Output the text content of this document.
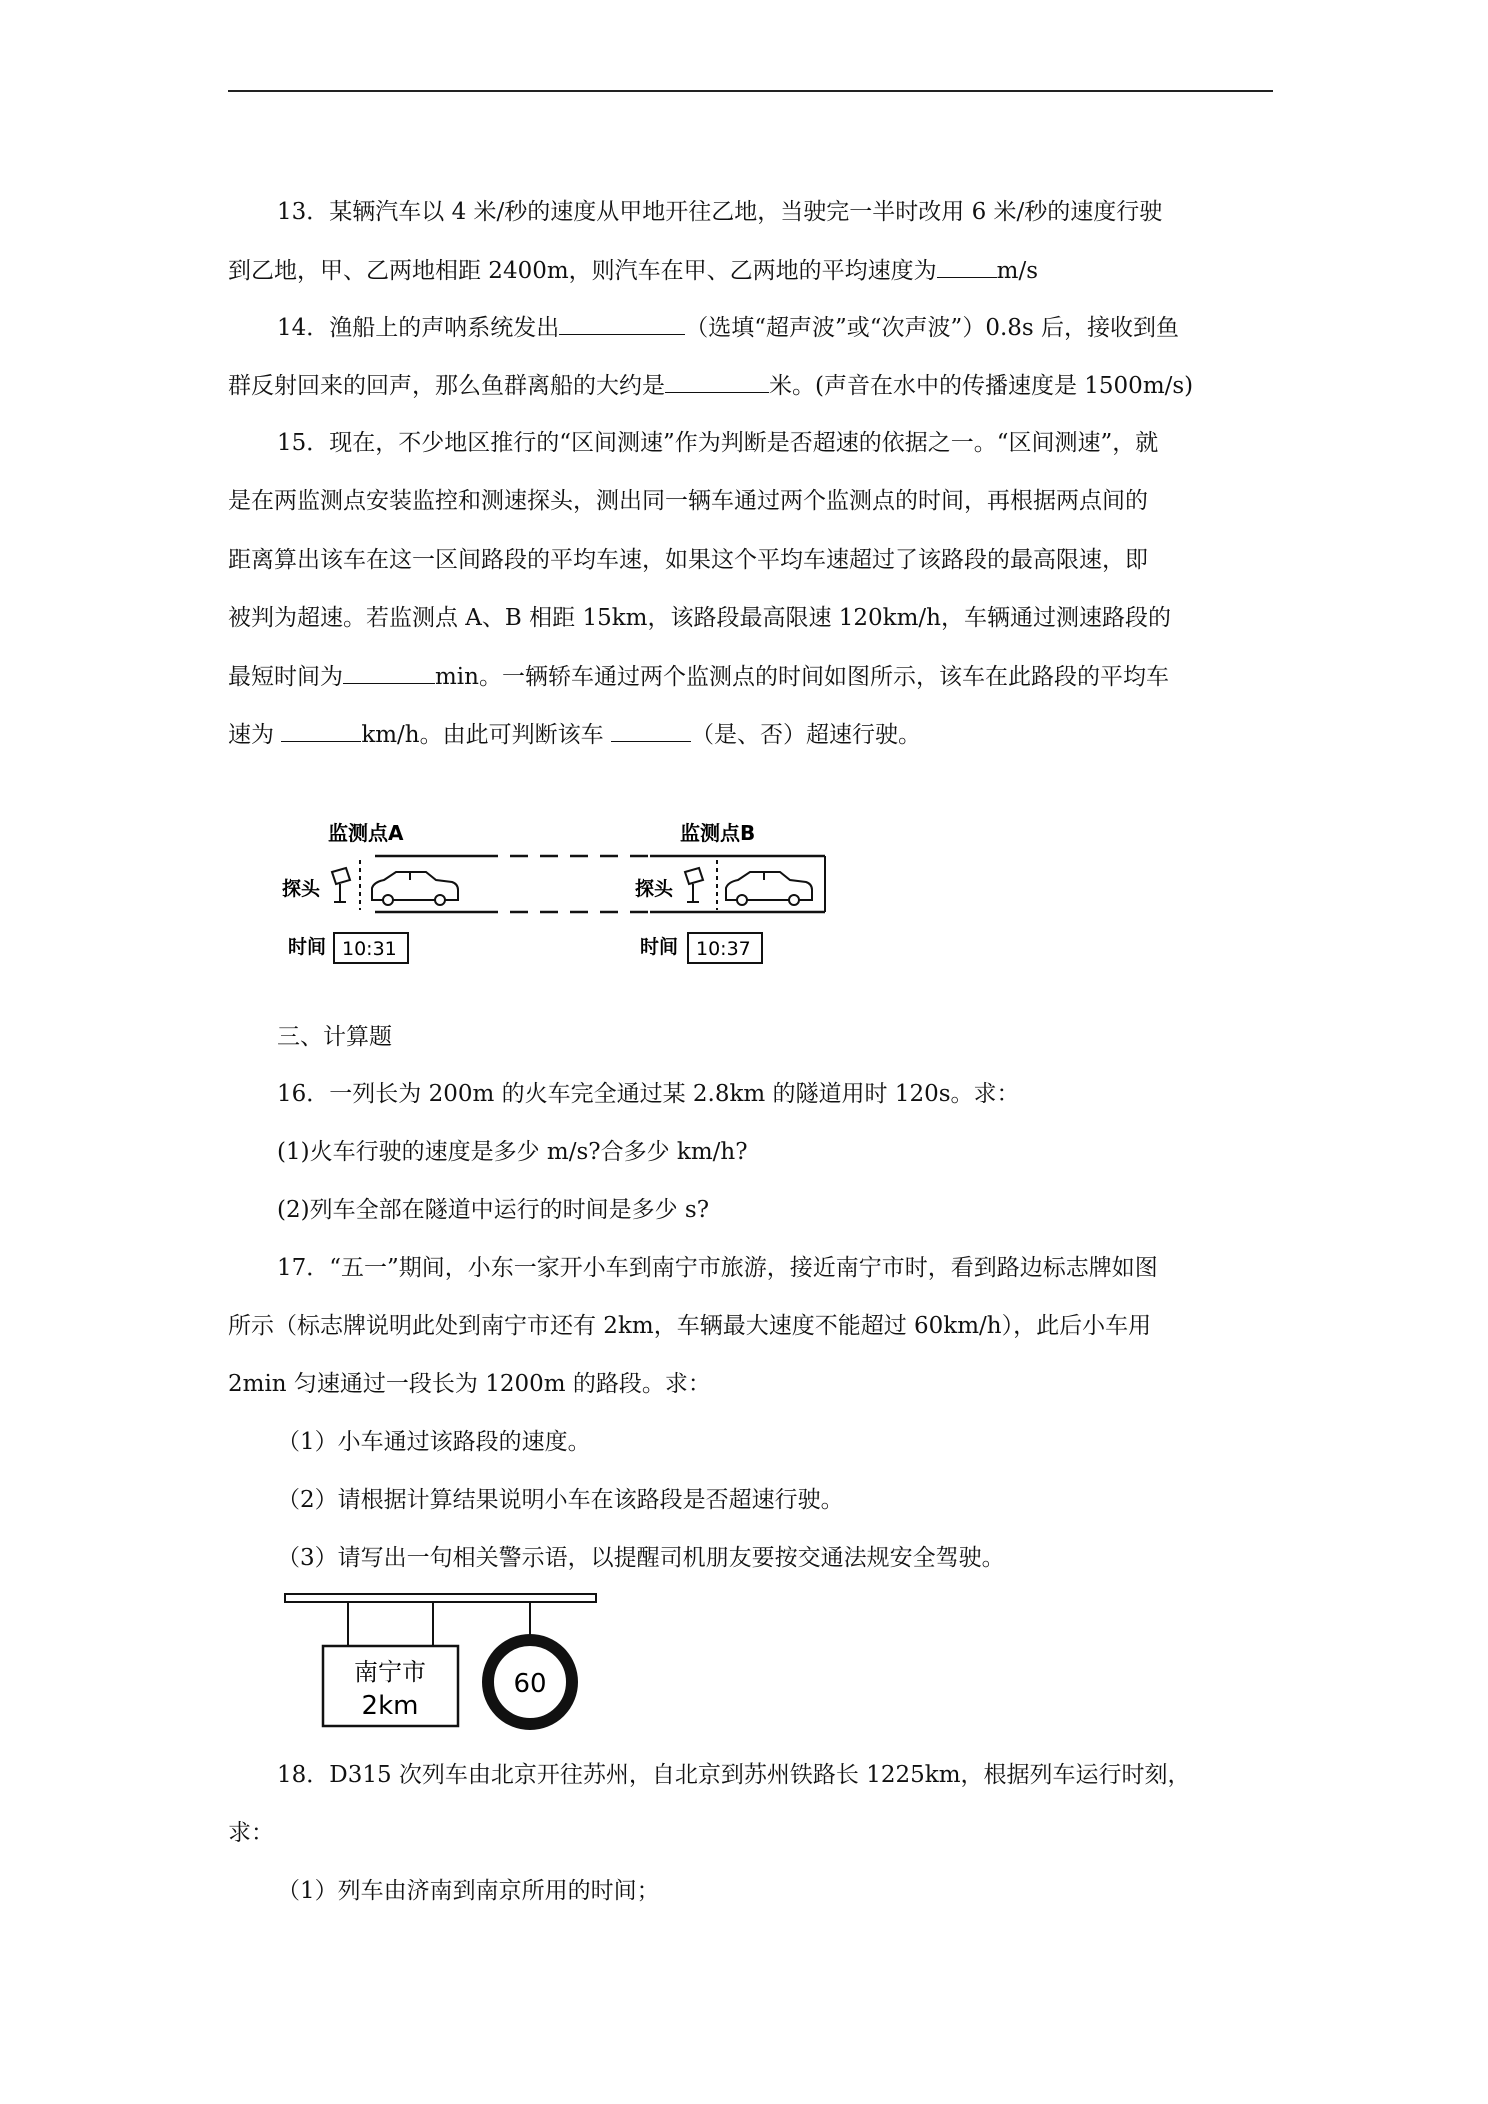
13．某辆汽车以 4 米/秒的速度从甲地开往乙地，当驶完一半时改用 6 米/秒的速度行驶
到乙地，甲、乙两地相距 2400m，则汽车在甲、乙两地的平均速度为	m/s
14．渔船上的声呐系统发出	（选填“超声波”或“次声波”）0.8s 后，接收到鱼
群反射回来的回声，那么鱼群离船的大约是	米。(声音在水中的传播速度是 1500m/s)
15．现在，不少地区推行的“区间测速”作为判断是否超速的依据之一。“区间测速”，就
是在两监测点安装监控和测速探头，测出同一辆车通过两个监测点的时间，再根据两点间的
距离算出该车在这一区间路段的平均车速，如果这个平均车速超过了该路段的最高限速，即
被判为超速。若监测点 A、B 相距 15km，该路段最高限速 120km/h，车辆通过测速路段的
最短时间为	min。一辆轿车通过两个监测点的时间如图所示，该车在此路段的平均车
速为	km/h。由此可判断该车	（是、否）超速行驶。
监测点A	监测点B
探头	探头
时间	时间
10:31	10:37
三、计算题
16．一列长为 200m 的火车完全通过某 2.8km 的隧道用时 120s。求：
(1)火车行驶的速度是多少 m/s?合多少 km/h?
(2)列车全部在隧道中运行的时间是多少 s?
17．“五一”期间，小东一家开小车到南宁市旅游，接近南宁市时，看到路边标志牌如图
所示（标志牌说明此处到南宁市还有 2km，车辆最大速度不能超过 60km/h），此后小车用
2min 匀速通过一段长为 1200m 的路段。求：
（1）小车通过该路段的速度。
（2）请根据计算结果说明小车在该路段是否超速行驶。
（3）请写出一句相关警示语，以提醒司机朋友要按交通法规安全驾驶。
南宁市
2km
60
18．D315 次列车由北京开往苏州，自北京到苏州铁路长 1225km，根据列车运行时刻，
求：
（1）列车由济南到南京所用的时间；
